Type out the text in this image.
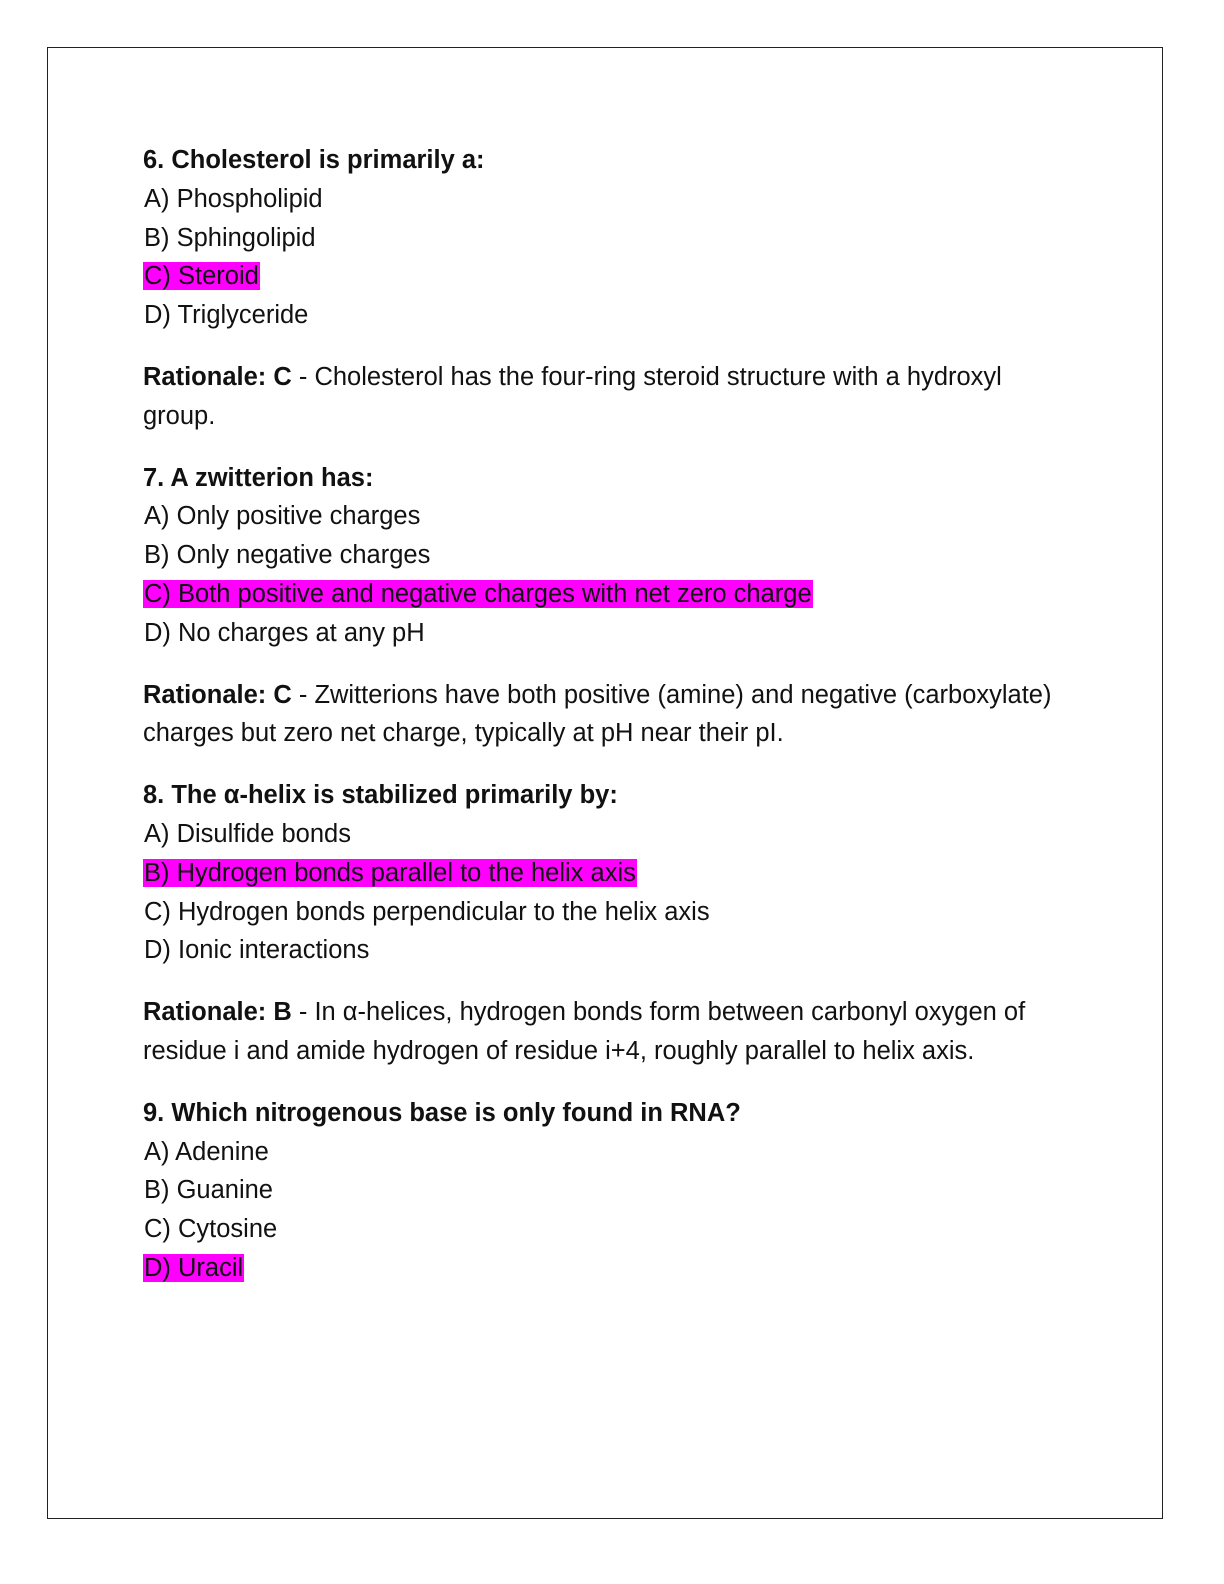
6. Cholesterol is primarily a:
A) Phospholipid
B) Sphingolipid
C) Steroid
D) Triglyceride
Rationale: C - Cholesterol has the four-ring steroid structure with a hydroxyl group.
7. A zwitterion has:
A) Only positive charges
B) Only negative charges
C) Both positive and negative charges with net zero charge
D) No charges at any pH
Rationale: C - Zwitterions have both positive (amine) and negative (carboxylate) charges but zero net charge, typically at pH near their pI.
8. The α-helix is stabilized primarily by:
A) Disulfide bonds
B) Hydrogen bonds parallel to the helix axis
C) Hydrogen bonds perpendicular to the helix axis
D) Ionic interactions
Rationale: B - In α-helices, hydrogen bonds form between carbonyl oxygen of residue i and amide hydrogen of residue i+4, roughly parallel to helix axis.
9. Which nitrogenous base is only found in RNA?
A) Adenine
B) Guanine
C) Cytosine
D) Uracil
